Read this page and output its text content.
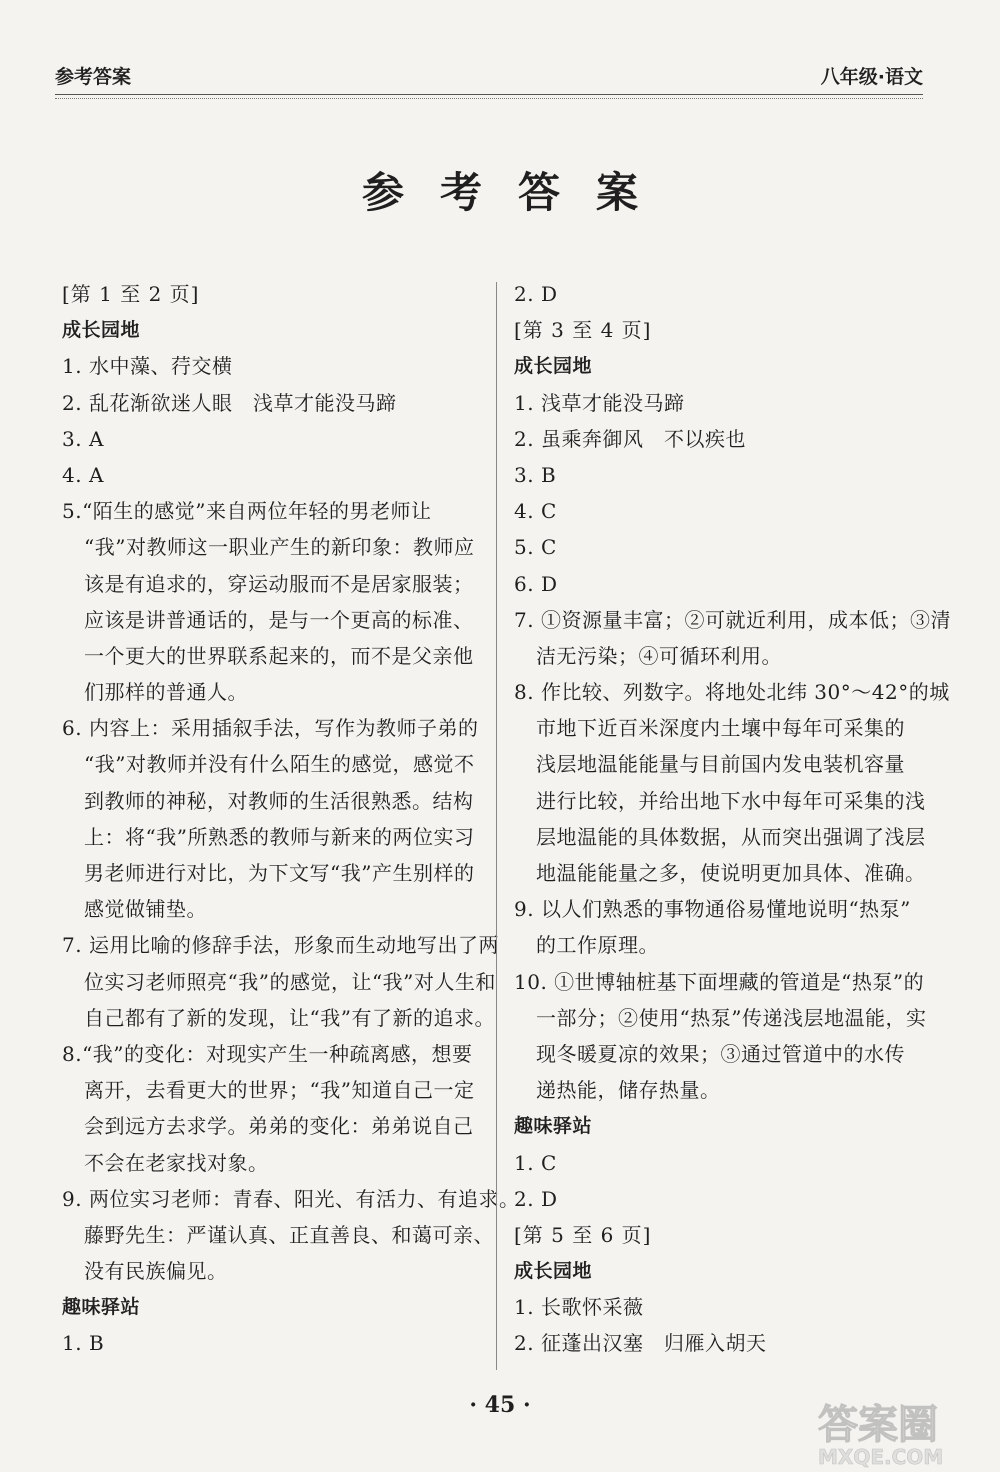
参考答案	八年级·语文
参考答案
[第 1 至 2 页]
成长园地
1. 水中藻、荇交横
2. 乱花渐欲迷人眼　浅草才能没马蹄
3. A
4. A
5.“陌生的感觉”来自两位年轻的男老师让
“我”对教师这一职业产生的新印象：教师应
该是有追求的，穿运动服而不是居家服装；
应该是讲普通话的，是与一个更高的标准、
一个更大的世界联系起来的，而不是父亲他
们那样的普通人。
6. 内容上：采用插叙手法，写作为教师子弟的
“我”对教师并没有什么陌生的感觉，感觉不
到教师的神秘，对教师的生活很熟悉。结构
上：将“我”所熟悉的教师与新来的两位实习
男老师进行对比，为下文写“我”产生别样的
感觉做铺垫。
7. 运用比喻的修辞手法，形象而生动地写出了两
位实习老师照亮“我”的感觉，让“我”对人生和
自己都有了新的发现，让“我”有了新的追求。
8.“我”的变化：对现实产生一种疏离感，想要
离开，去看更大的世界；“我”知道自己一定
会到远方去求学。弟弟的变化：弟弟说自己
不会在老家找对象。
9. 两位实习老师：青春、阳光、有活力、有追求。
藤野先生：严谨认真、正直善良、和蔼可亲、
没有民族偏见。
趣味驿站
1. B
2. D
[第 3 至 4 页]
成长园地
1. 浅草才能没马蹄
2. 虽乘奔御风　不以疾也
3. B
4. C
5. C
6. D
7. ①资源量丰富；②可就近利用，成本低；③清
洁无污染；④可循环利用。
8. 作比较、列数字。将地处北纬 30°～42°的城
市地下近百米深度内土壤中每年可采集的
浅层地温能能量与目前国内发电装机容量
进行比较，并给出地下水中每年可采集的浅
层地温能的具体数据，从而突出强调了浅层
地温能能量之多，使说明更加具体、准确。
9. 以人们熟悉的事物通俗易懂地说明“热泵”
的工作原理。
10. ①世博轴桩基下面埋藏的管道是“热泵”的
一部分；②使用“热泵”传递浅层地温能，实
现冬暖夏凉的效果；③通过管道中的水传
递热能，储存热量。
趣味驿站
1. C
2. D
[第 5 至 6 页]
成长园地
1. 长歌怀采薇
2. 征蓬出汉塞　归雁入胡天
· 45 ·	答案圈
MXQE.COM
